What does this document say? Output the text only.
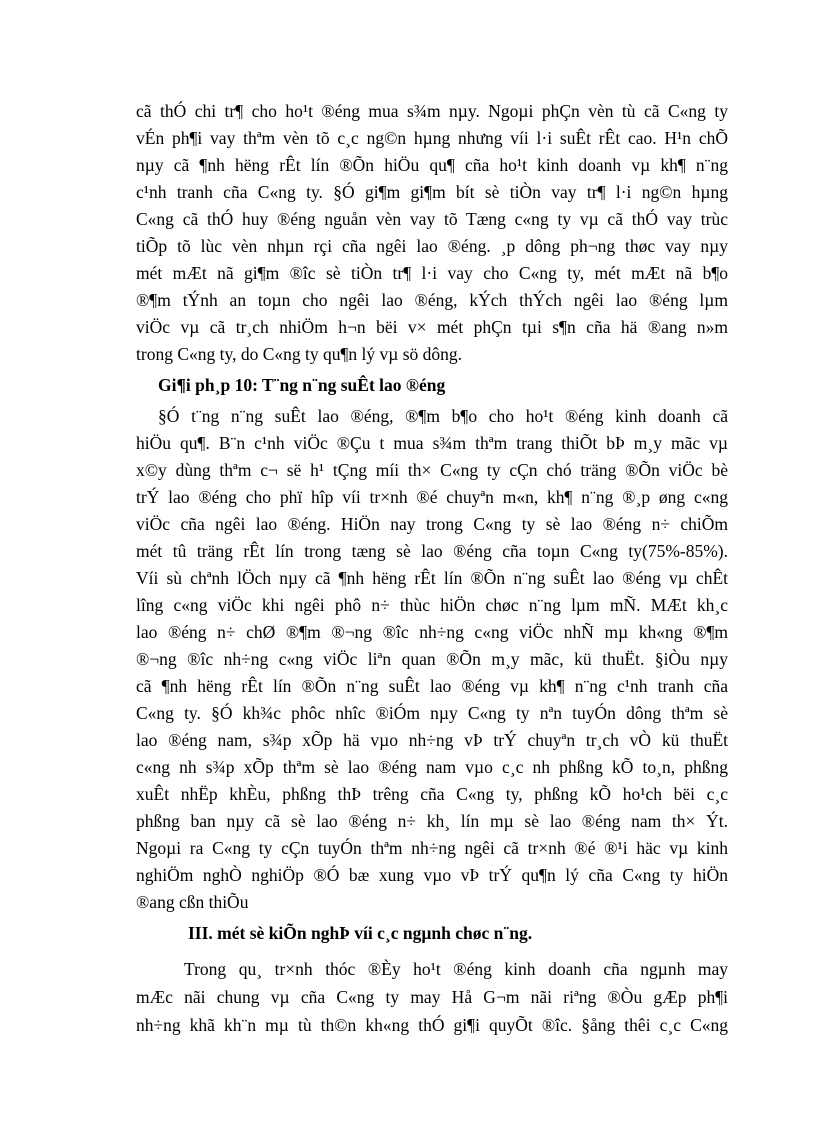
cã thÓ chi tr¶ cho ho¹t ®éng mua s¾m nµy. Ngoµi phÇn vèn tù cã C«ng ty
vÉn ph¶i vay thªm vèn tõ c¸c ng©n hµng nhưng víi l·i suÊt rÊt cao. H¹n chÕ
nµy cã ¶nh hëng rÊt lín ®Õn hiÖu qu¶ cña ho¹t kinh doanh vµ kh¶ n¨ng
c¹nh tranh cña C«ng ty. §Ó gi¶m gi¶m bít sè tiÒn vay tr¶ l·i ng©n hµng
C«ng cã thÓ huy ®éng nguån vèn vay tõ Tæng c«ng ty vµ cã thÓ vay trùc
tiÕp tõ lùc vèn nhµn rçi cña ngêi lao ®éng. ¸p dông ph¬ng thøc vay nµy
mét mÆt nã gi¶m ®îc sè tiÒn tr¶ l·i vay cho C«ng ty, mét mÆt nã b¶o
®¶m tÝnh an toµn cho ngêi lao ®éng, kÝch thÝch ngêi lao ®éng lµm
viÖc vµ cã tr¸ch nhiÖm h¬n bëi v× mét phÇn tµi s¶n cña hä ®ang n»m
trong C«ng ty, do C«ng ty qu¶n lý vµ sö dông.
Gi¶i ph¸p 10: T¨ng n¨ng suÊt lao ®éng
§Ó t¨ng n¨ng suÊt lao ®éng, ®¶m b¶o cho ho¹t ®éng kinh doanh cã
hiÖu qu¶. B¨n c¹nh viÖc ®Çu t mua s¾m thªm trang thiÕt bÞ m¸y mãc vµ
x©y dùng thªm c¬ së h¹ tÇng míi th× C«ng ty cÇn chó träng ®Õn viÖc bè
trÝ lao ®éng cho phï hîp víi tr×nh ®é chuyªn m«n, kh¶ n¨ng ®¸p øng c«ng
viÖc cña ngêi lao ®éng. HiÖn nay trong C«ng ty sè lao ®éng n÷ chiÕm
mét tû träng rÊt lín trong tæng sè lao ®éng cña toµn C«ng ty(75%-85%).
Víi sù chªnh lÖch nµy cã ¶nh hëng rÊt lín ®Õn n¨ng suÊt lao ®éng vµ chÊt
lîng c«ng viÖc khi ngêi phô n÷ thùc hiÖn chøc n¨ng lµm mÑ. MÆt kh¸c
lao ®éng n÷ chØ ®¶m ®¬ng ®îc nh÷ng c«ng viÖc nhÑ mµ kh«ng ®¶m
®¬ng ®îc nh÷ng c«ng viÖc liªn quan ®Õn m¸y mãc, kü thuËt. §iÒu nµy
cã ¶nh hëng rÊt lín ®Õn n¨ng suÊt lao ®éng vµ kh¶ n¨ng c¹nh tranh cña
C«ng ty. §Ó kh¾c phôc nhîc ®iÓm nµy C«ng ty nªn tuyÓn dông thªm sè
lao ®éng nam, s¾p xÕp hä vµo nh÷ng vÞ trÝ chuyªn tr¸ch vÒ kü thuËt
c«ng nh s¾p xÕp thªm sè lao ®éng nam vµo c¸c nh phßng kÕ to¸n, phßng
xuÊt nhËp khÈu, phßng thÞ trêng cña C«ng ty, phßng kÕ ho¹ch bëi c¸c
phßng ban nµy cã sè lao ®éng n÷ kh¸ lín mµ sè lao ®éng nam th× Ýt.
Ngoµi ra C«ng ty cÇn tuyÓn thªm nh÷ng ngêi cã tr×nh ®é ®¹i häc vµ kinh
nghiÖm nghÒ nghiÖp ®Ó bæ xung vµo vÞ trÝ qu¶n lý cña C«ng ty hiÖn
®ang cßn thiÕu
III. mét sè kiÕn nghÞ víi c¸c ngµnh chøc n¨ng.
Trong qu¸ tr×nh thóc ®Èy ho¹t ®éng kinh doanh cña ngµnh may
mÆc nãi chung vµ cña C«ng ty may Hå G¬m nãi riªng ®Òu gÆp ph¶i
nh÷ng khã kh¨n mµ tù th©n kh«ng thÓ gi¶i quyÕt ®îc. §ång thêi c¸c C«ng
